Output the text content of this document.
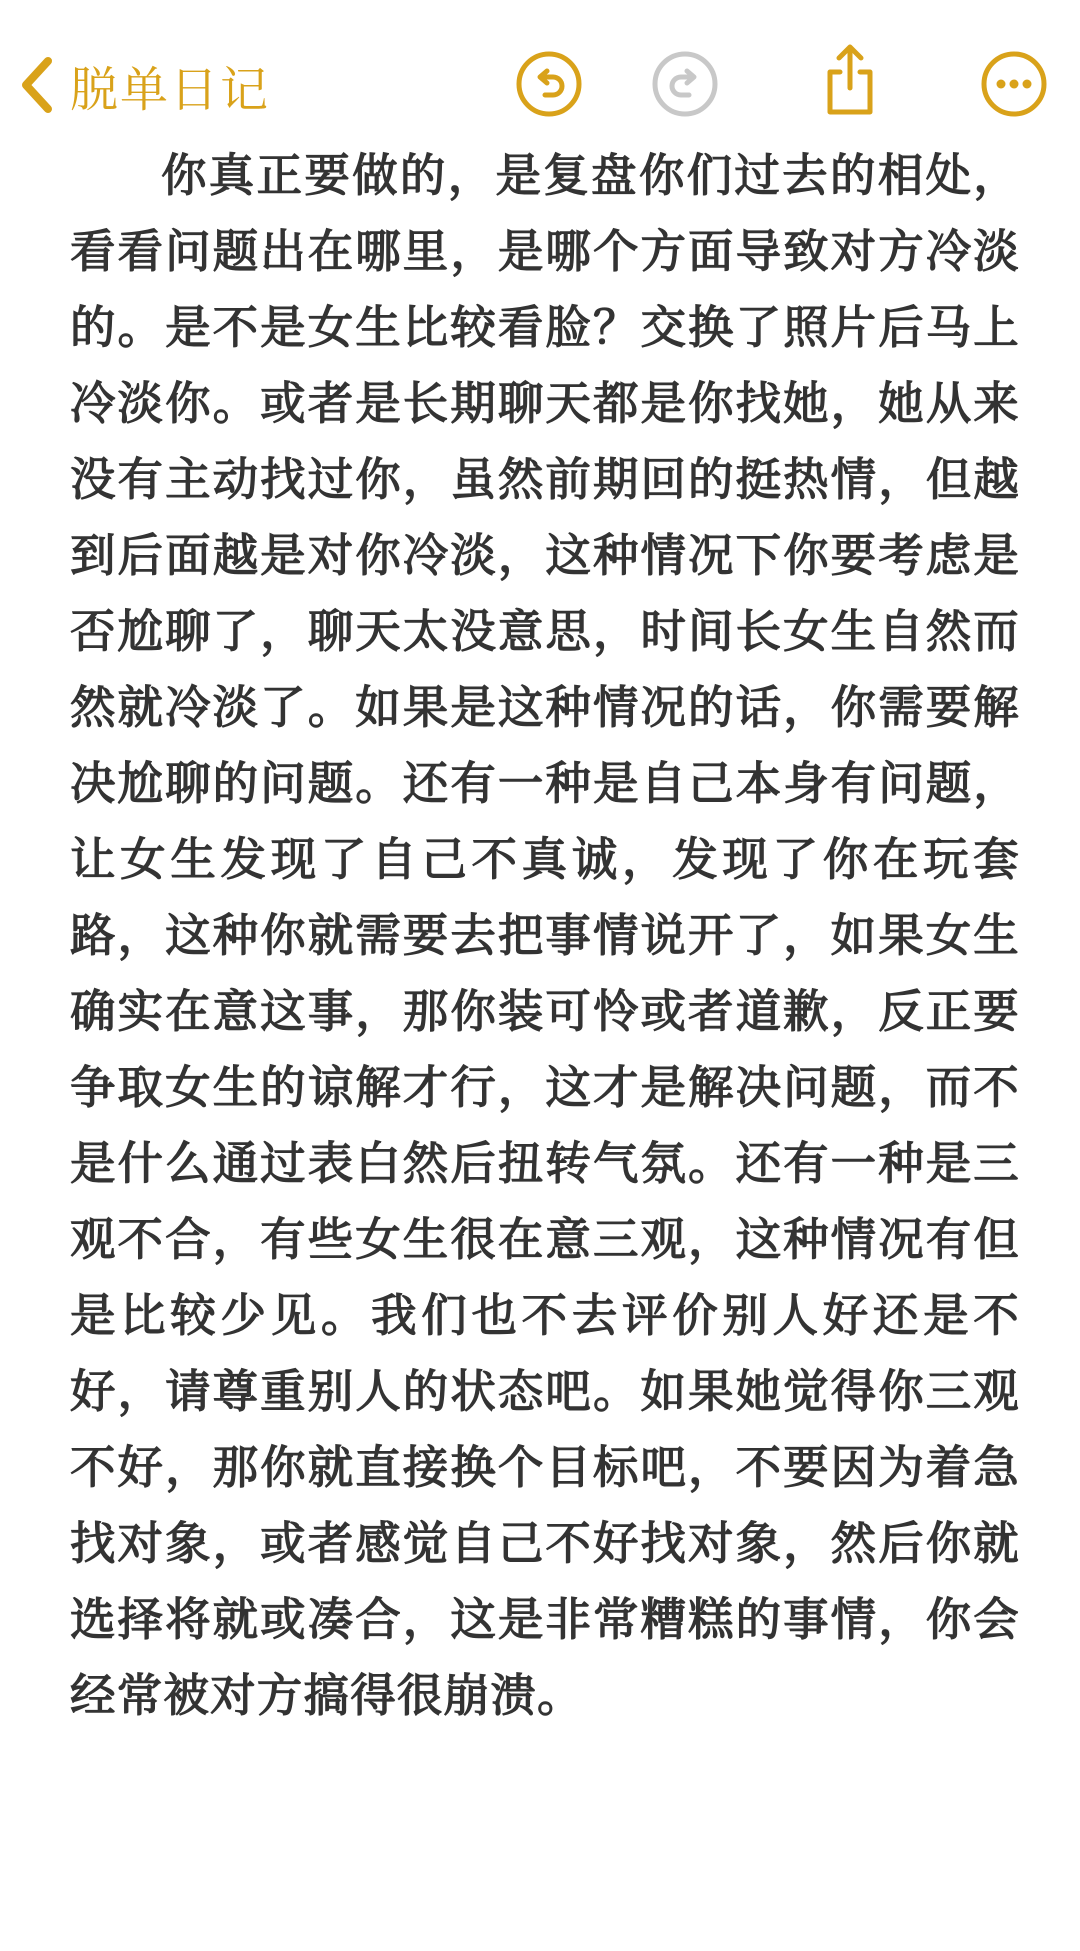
脱单日记

你真正要做的，是复盘你们过去的相处，看看问题出在哪里，是哪个方面导致对方冷淡的。是不是女生比较看脸？交换了照片后马上冷淡你。或者是长期聊天都是你找她，她从来没有主动找过你，虽然前期回的挺热情，但越到后面越是对你冷淡，这种情况下你要考虑是否尬聊了，聊天太没意思，时间长女生自然而然就冷淡了。如果是这种情况的话，你需要解决尬聊的问题。还有一种是自己本身有问题，让女生发现了自己不真诚，发现了你在玩套路，这种你就需要去把事情说开了，如果女生确实在意这事，那你装可怜或者道歉，反正要争取女生的谅解才行，这才是解决问题，而不是什么通过表白然后扭转气氛。还有一种是三观不合，有些女生很在意三观，这种情况有但是比较少见。我们也不去评价别人好还是不好，请尊重别人的状态吧。如果她觉得你三观不好，那你就直接换个目标吧，不要因为着急找对象，或者感觉自己不好找对象，然后你就选择将就或凑合，这是非常糟糕的事情，你会经常被对方搞得很崩溃。
